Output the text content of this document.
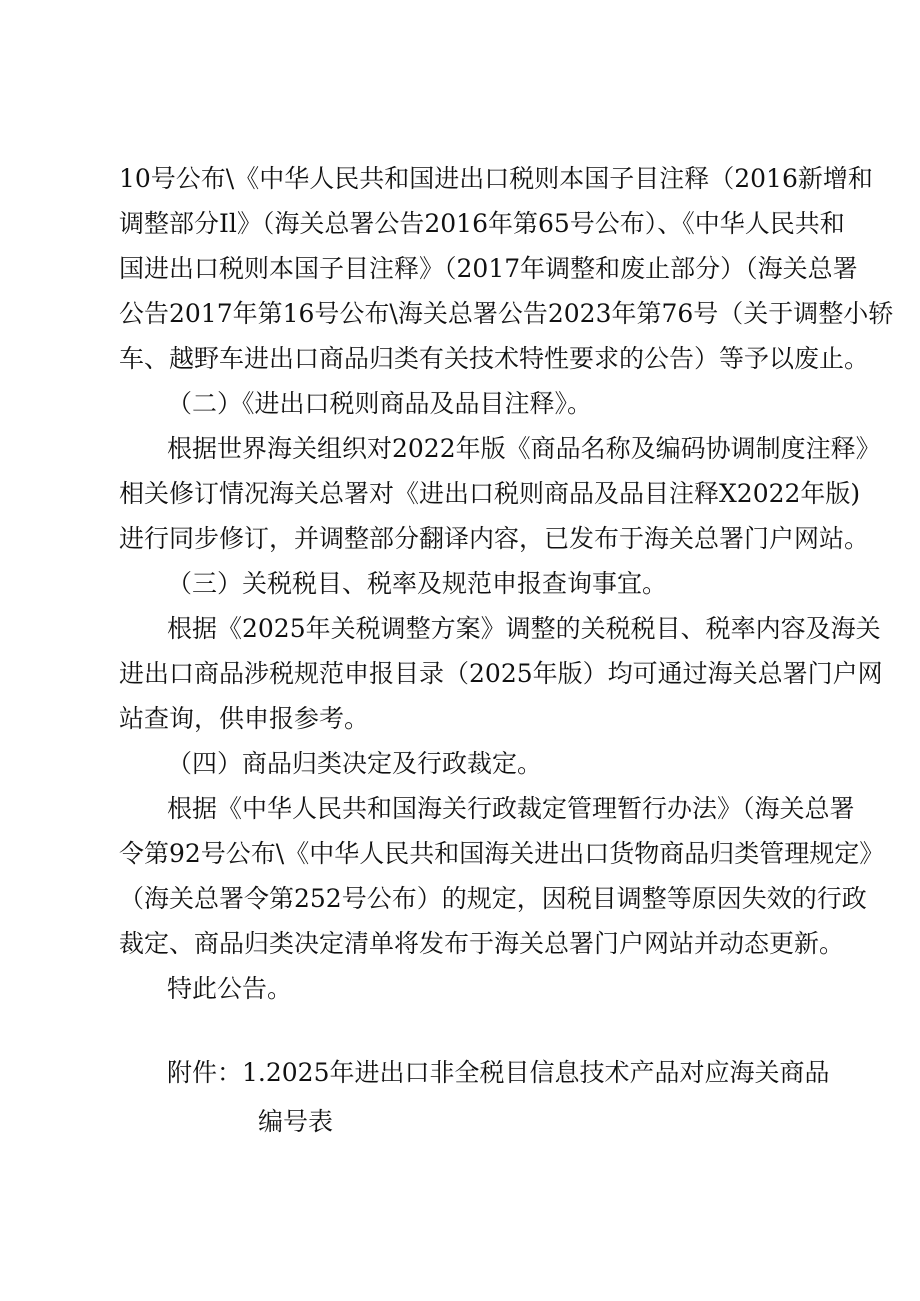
10号公布\《中华人民共和国进出口税则本国子目注释（2016新增和
调整部分Il》（海关总署公告2016年第65号公布）、《中华人民共和
国进出口税则本国子目注释》（2017年调整和废止部分）（海关总署
公告2017年第16号公布\海关总署公告2023年第76号（关于调整小轿
车、越野车进出口商品归类有关技术特性要求的公告）等予以废止。
（二）《进出口税则商品及品目注释》。
根据世界海关组织对2022年版《商品名称及编码协调制度注释》
相关修订情况海关总署对《进出口税则商品及品目注释X2022年版)
进行同步修订，并调整部分翻译内容，已发布于海关总署门户网站。
（三）关税税目、税率及规范申报查询事宜。
根据《2025年关税调整方案》调整的关税税目、税率内容及海关
进出口商品涉税规范申报目录（2025年版）均可通过海关总署门户网
站查询，供申报参考。
（四）商品归类决定及行政裁定。
根据《中华人民共和国海关行政裁定管理暂行办法》（海关总署
令第92号公布\《中华人民共和国海关进出口货物商品归类管理规定》
（海关总署令第252号公布）的规定，因税目调整等原因失效的行政
裁定、商品归类决定清单将发布于海关总署门户网站并动态更新。
特此公告。
附件：1.2025年进出口非全税目信息技术产品对应海关商品
编号表
